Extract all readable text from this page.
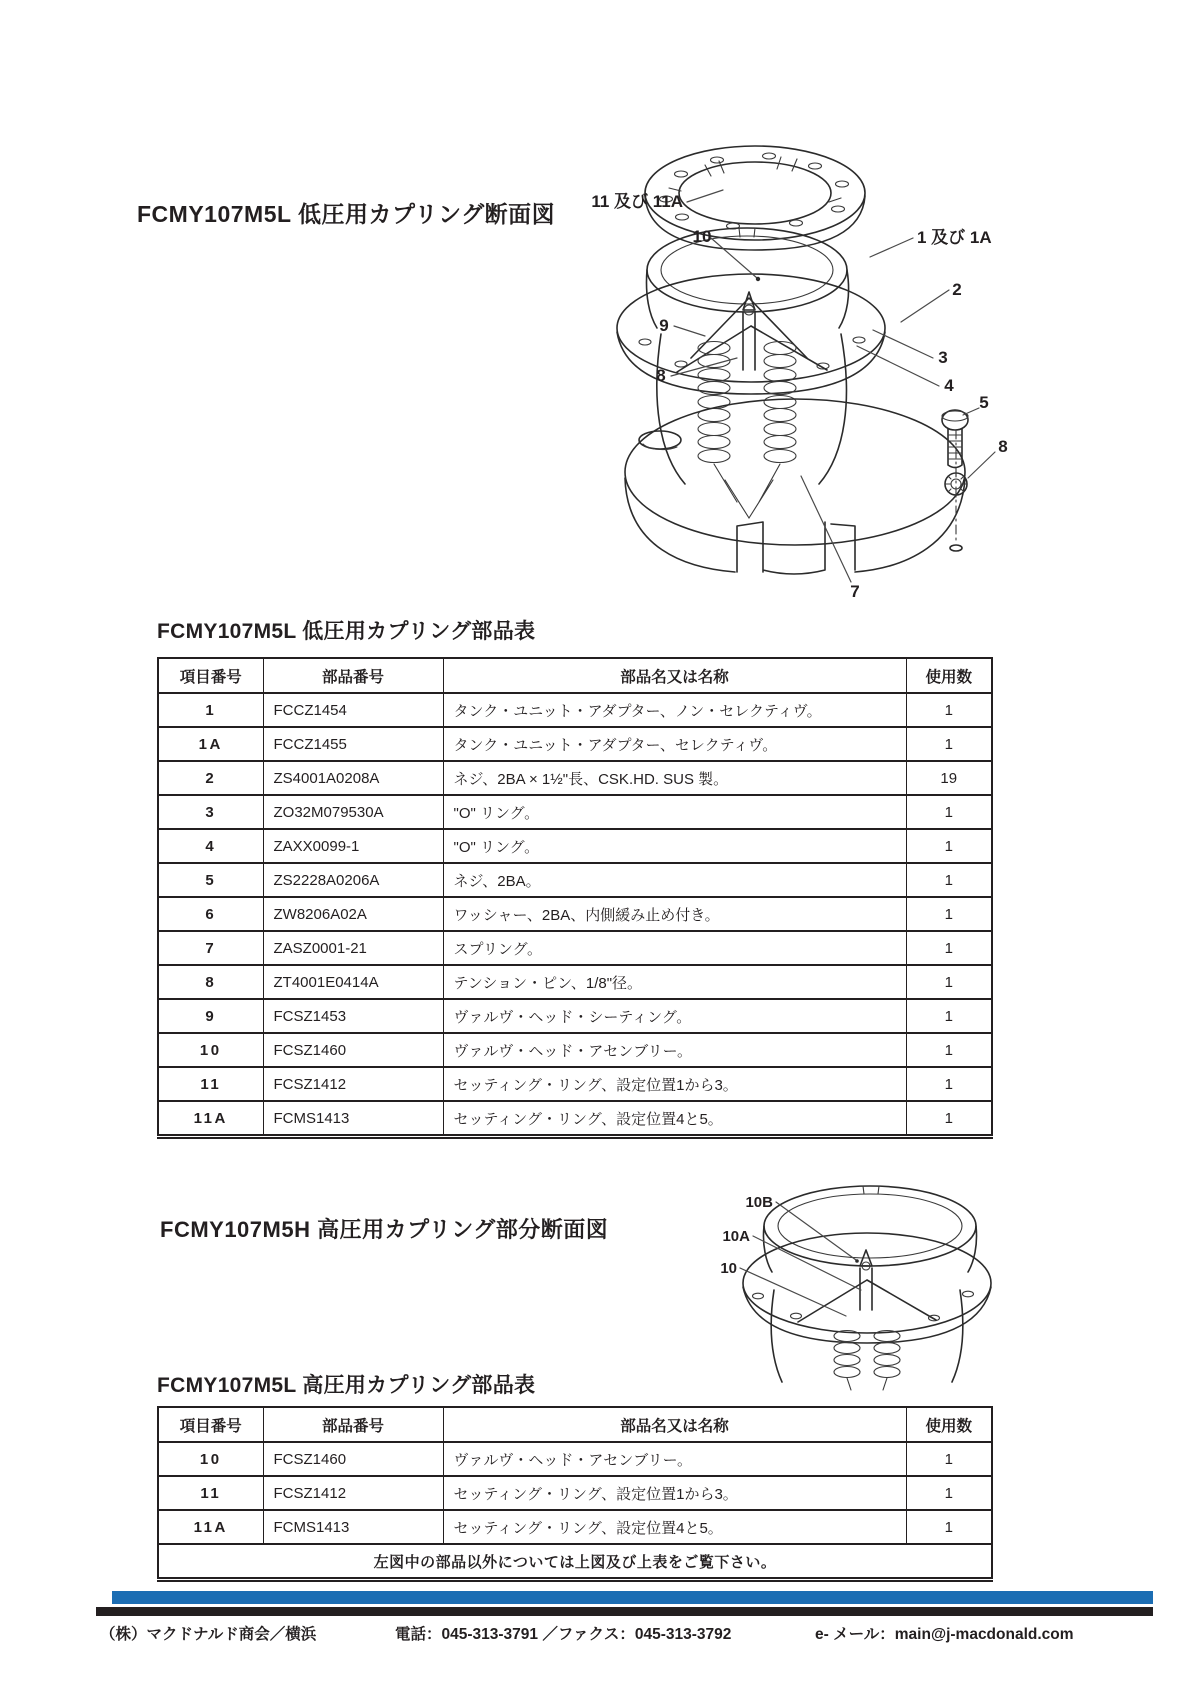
FCMY107M5L 低圧用カプリング断面図 11 及び 11A
10	1 及び 1A
2
9
3
8
4
5
8
7
FCMY107M5L 低圧用カプリング部品表
項目番号	部品番号	部品名又は名称	使用数
1	FCCZ1454	タンク・ユニット・アダプター、ノン・セレクティヴ。	1
1A	FCCZ1455	タンク・ユニット・アダプター、セレクティヴ。	1
2	ZS4001A0208A	ネジ、2BA × 1½"長、CSK.HD. SUS 製。	19
3	ZO32M079530A	"O" リング。	1
4	ZAXX0099-1	"O" リング。	1
5	ZS2228A0206A	ネジ、2BA。	1
6	ZW8206A02A	ワッシャー、2BA、内側緩み止め付き。	1
7	ZASZ0001-21	スプリング。	1
8	ZT4001E0414A	テンション・ピン、1/8"径。	1
9	FCSZ1453	ヴァルヴ・ヘッド・シーティング。	1
10	FCSZ1460	ヴァルヴ・ヘッド・アセンブリー。	1
11	FCSZ1412	セッティング・リング、設定位置1から3。	1
11A	FCMS1413	セッティング・リング、設定位置4と5。	1
FCMY107M5H 高圧用カプリング部分断面図
10B
10A
10
FCMY107M5L 高圧用カプリング部品表
項目番号	部品番号	部品名又は名称	使用数
10	FCSZ1460	ヴァルヴ・ヘッド・アセンブリー。	1
11	FCSZ1412	セッティング・リング、設定位置1から3。	1
11A	FCMS1413	セッティング・リング、設定位置4と5。	1
左図中の部品以外については上図及び上表をご覧下さい。			
（株）マクドナルド商会／横浜	電話：045-313-3791 ／ファクス：045-313-3792	e- メール：main@j-macdonald.com
